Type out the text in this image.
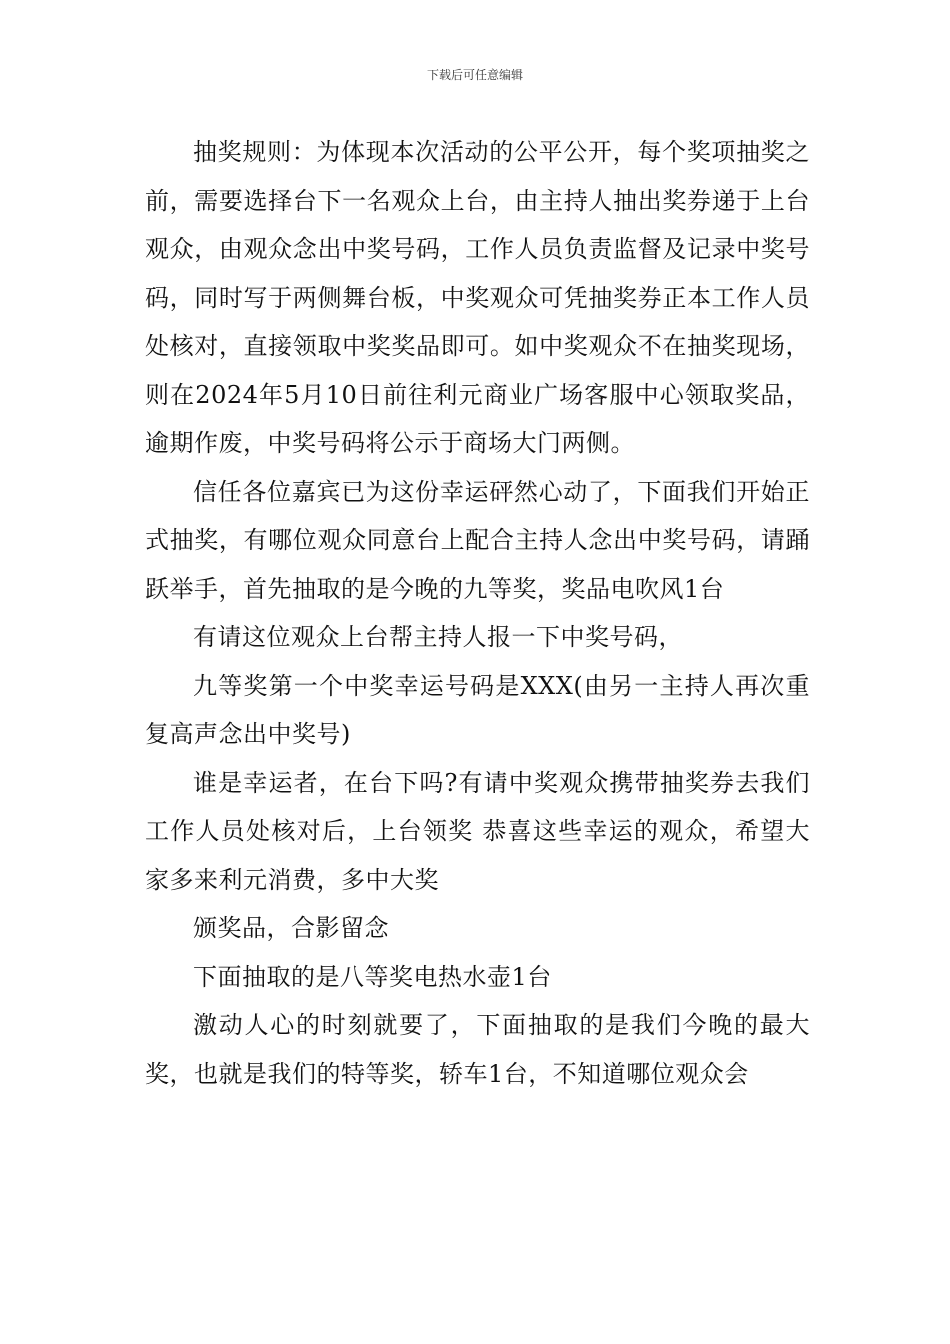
下载后可任意编辑

抽奖规则：为体现本次活动的公平公开，每个奖项抽奖之前，需要选择台下一名观众上台，由主持人抽出奖券递于上台观众，由观众念出中奖号码，工作人员负责监督及记录中奖号码，同时写于两侧舞台板，中奖观众可凭抽奖券正本工作人员处核对，直接领取中奖奖品即可。如中奖观众不在抽奖现场，则在2024年5月10日前往利元商业广场客服中心领取奖品，逾期作废，中奖号码将公示于商场大门两侧。

信任各位嘉宾已为这份幸运砰然心动了，下面我们开始正式抽奖，有哪位观众同意台上配合主持人念出中奖号码，请踊跃举手，首先抽取的是今晚的九等奖，奖品电吹风1台

有请这位观众上台帮主持人报一下中奖号码，

九等奖第一个中奖幸运号码是XXX(由另一主持人再次重复高声念出中奖号)

谁是幸运者，在台下吗?有请中奖观众携带抽奖券去我们工作人员处核对后，上台领奖 恭喜这些幸运的观众，希望大家多来利元消费，多中大奖

颁奖品，合影留念

下面抽取的是八等奖电热水壶1台

激动人心的时刻就要了，下面抽取的是我们今晚的最大奖，也就是我们的特等奖，轿车1台，不知道哪位观众会
